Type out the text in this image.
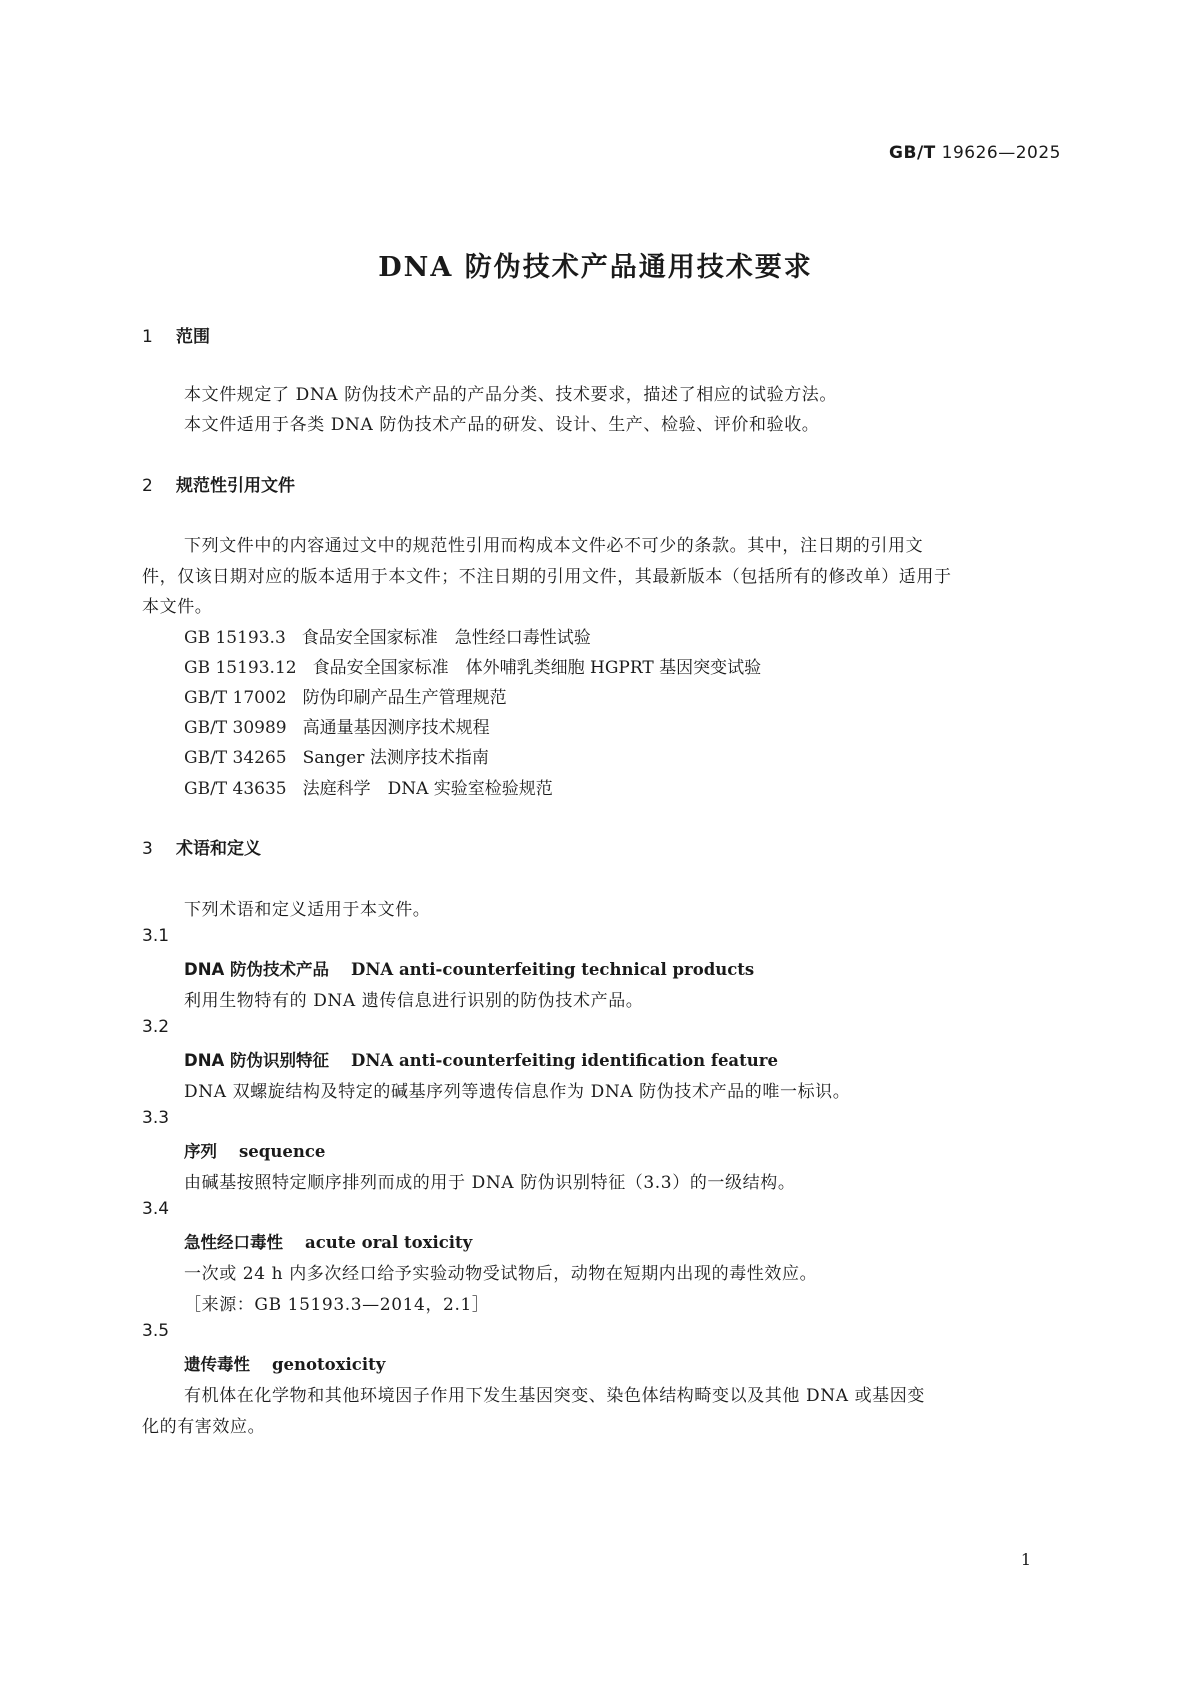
GB/T 19626—2025
DNA 防伪技术产品通用技术要求
1 范围
本文件规定了 DNA 防伪技术产品的产品分类、技术要求，描述了相应的试验方法。
本文件适用于各类 DNA 防伪技术产品的研发、设计、生产、检验、评价和验收。
2 规范性引用文件
下列文件中的内容通过文中的规范性引用而构成本文件必不可少的条款。其中，注日期的引用文
件，仅该日期对应的版本适用于本文件；不注日期的引用文件，其最新版本（包括所有的修改单）适用于
本文件。
GB 15193.3 食品安全国家标准　急性经口毒性试验
GB 15193.12 食品安全国家标准　体外哺乳类细胞 HGPRT 基因突变试验
GB/T 17002 防伪印刷产品生产管理规范
GB/T 30989 高通量基因测序技术规程
GB/T 34265 Sanger 法测序技术指南
GB/T 43635 法庭科学　DNA 实验室检验规范
3 术语和定义
下列术语和定义适用于本文件。
3.1
DNA 防伪技术产品 DNA anti-counterfeiting technical products
利用生物特有的 DNA 遗传信息进行识别的防伪技术产品。
3.2
DNA 防伪识别特征 DNA anti-counterfeiting identification feature
DNA 双螺旋结构及特定的碱基序列等遗传信息作为 DNA 防伪技术产品的唯一标识。
3.3
序列 sequence
由碱基按照特定顺序排列而成的用于 DNA 防伪识别特征（3.3）的一级结构。
3.4
急性经口毒性 acute oral toxicity
一次或 24 h 内多次经口给予实验动物受试物后，动物在短期内出现的毒性效应。
［来源：GB 15193.3—2014，2.1］
3.5
遗传毒性 genotoxicity
有机体在化学物和其他环境因子作用下发生基因突变、染色体结构畸变以及其他 DNA 或基因变
化的有害效应。
1
